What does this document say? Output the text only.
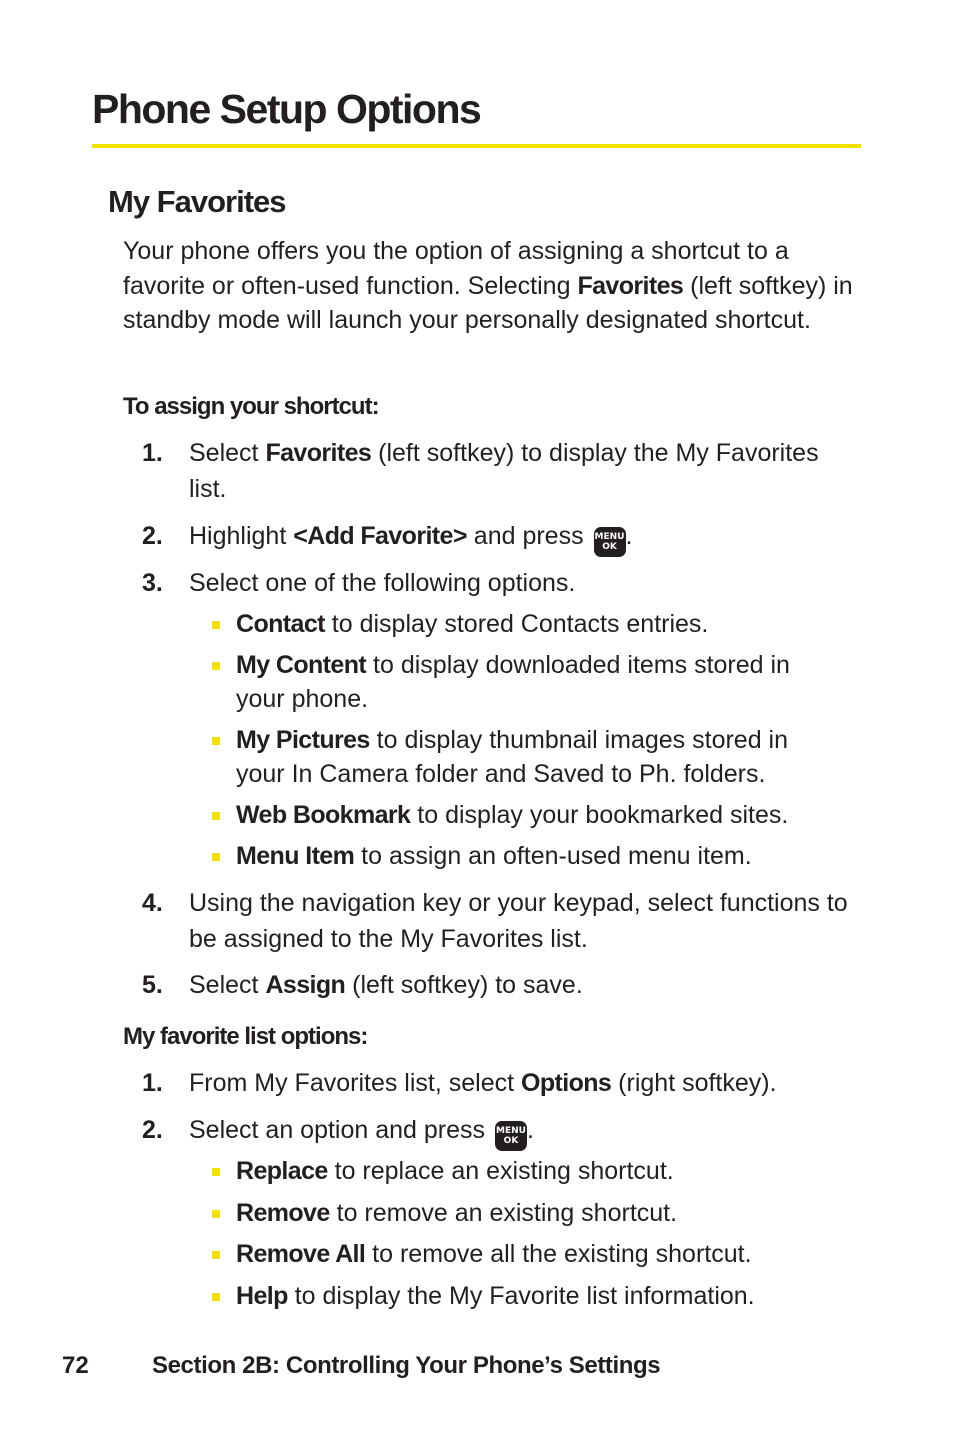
Phone Setup Options
My Favorites

Your phone offers you the option of assigning a shortcut to a favorite or often-used function. Selecting Favorites (left softkey) in standby mode will launch your personally designated shortcut.

To assign your shortcut:
1. Select Favorites (left softkey) to display the My Favorites list.
2. Highlight <Add Favorite> and press MENU
OK .
3. Select one of the following options.
Contact to display stored Contacts entries.
My Content to display downloaded items stored in your phone.
My Pictures to display thumbnail images stored in your In Camera folder and Saved to Ph. folders.
Web Bookmark to display your bookmarked sites.
Menu Item to assign an often-used menu item.
4. Using the navigation key or your keypad, select functions to be assigned to the My Favorites list.
5. Select Assign (left softkey) to save.
My favorite list options:
1. From My Favorites list, select Options (right softkey).
2. Select an option and press MENU
OK .
Replace to replace an existing shortcut.
Remove to remove an existing shortcut.
Remove All to remove all the existing shortcut.
Help to display the My Favorite list information.
72	Section 2B: Controlling Your Phone’s Settings
